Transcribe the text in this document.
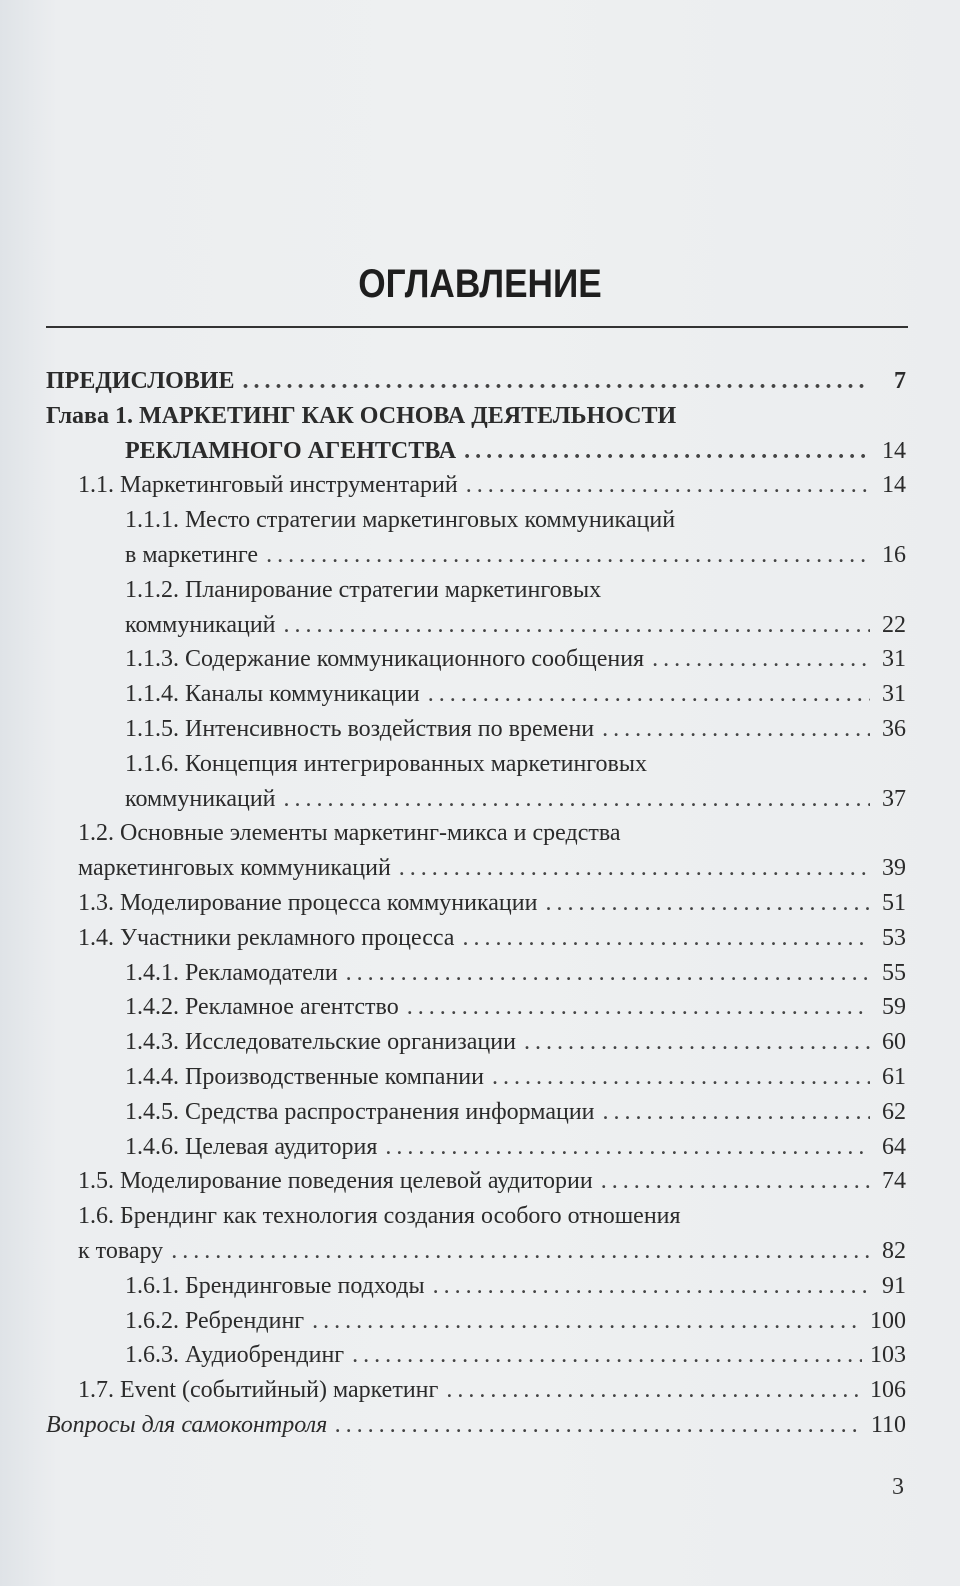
ОГЛАВЛЕНИЕ
ПРЕДИСЛОВИЕ . . .	7
Глава 1. МАРКЕТИНГ КАК ОСНОВА ДЕЯТЕЛЬНОСТИ
РЕКЛАМНОГО АГЕНТСТВА . . .	14
1.1. Маркетинговый инструментарий . . .	14
1.1.1. Место стратегии маркетинговых коммуникаций
в маркетинге . . .	16
1.1.2. Планирование стратегии маркетинговых
коммуникаций . . .	22
1.1.3. Содержание коммуникационного сообщения . . .	31
1.1.4. Каналы коммуникации . . .	31
1.1.5. Интенсивность воздействия по времени . . .	36
1.1.6. Концепция интегрированных маркетинговых
коммуникаций . . .	37
1.2. Основные элементы маркетинг-микса и средства
маркетинговых коммуникаций . . .	39
1.3. Моделирование процесса коммуникации . . .	51
1.4. Участники рекламного процесса . . .	53
1.4.1. Рекламодатели . . .	55
1.4.2. Рекламное агентство . . .	59
1.4.3. Исследовательские организации . . .	60
1.4.4. Производственные компании . . .	61
1.4.5. Средства распространения информации . . .	62
1.4.6. Целевая аудитория . . .	64
1.5. Моделирование поведения целевой аудитории . . .	74
1.6. Брендинг как технология создания особого отношения
к товару . . .	82
1.6.1. Брендинговые подходы . . .	91
1.6.2. Ребрендинг . . .	100
1.6.3. Аудиобрендинг . . .	103
1.7. Event (событийный) маркетинг . . .	106
Вопросы для самоконтроля . . .	110
3
